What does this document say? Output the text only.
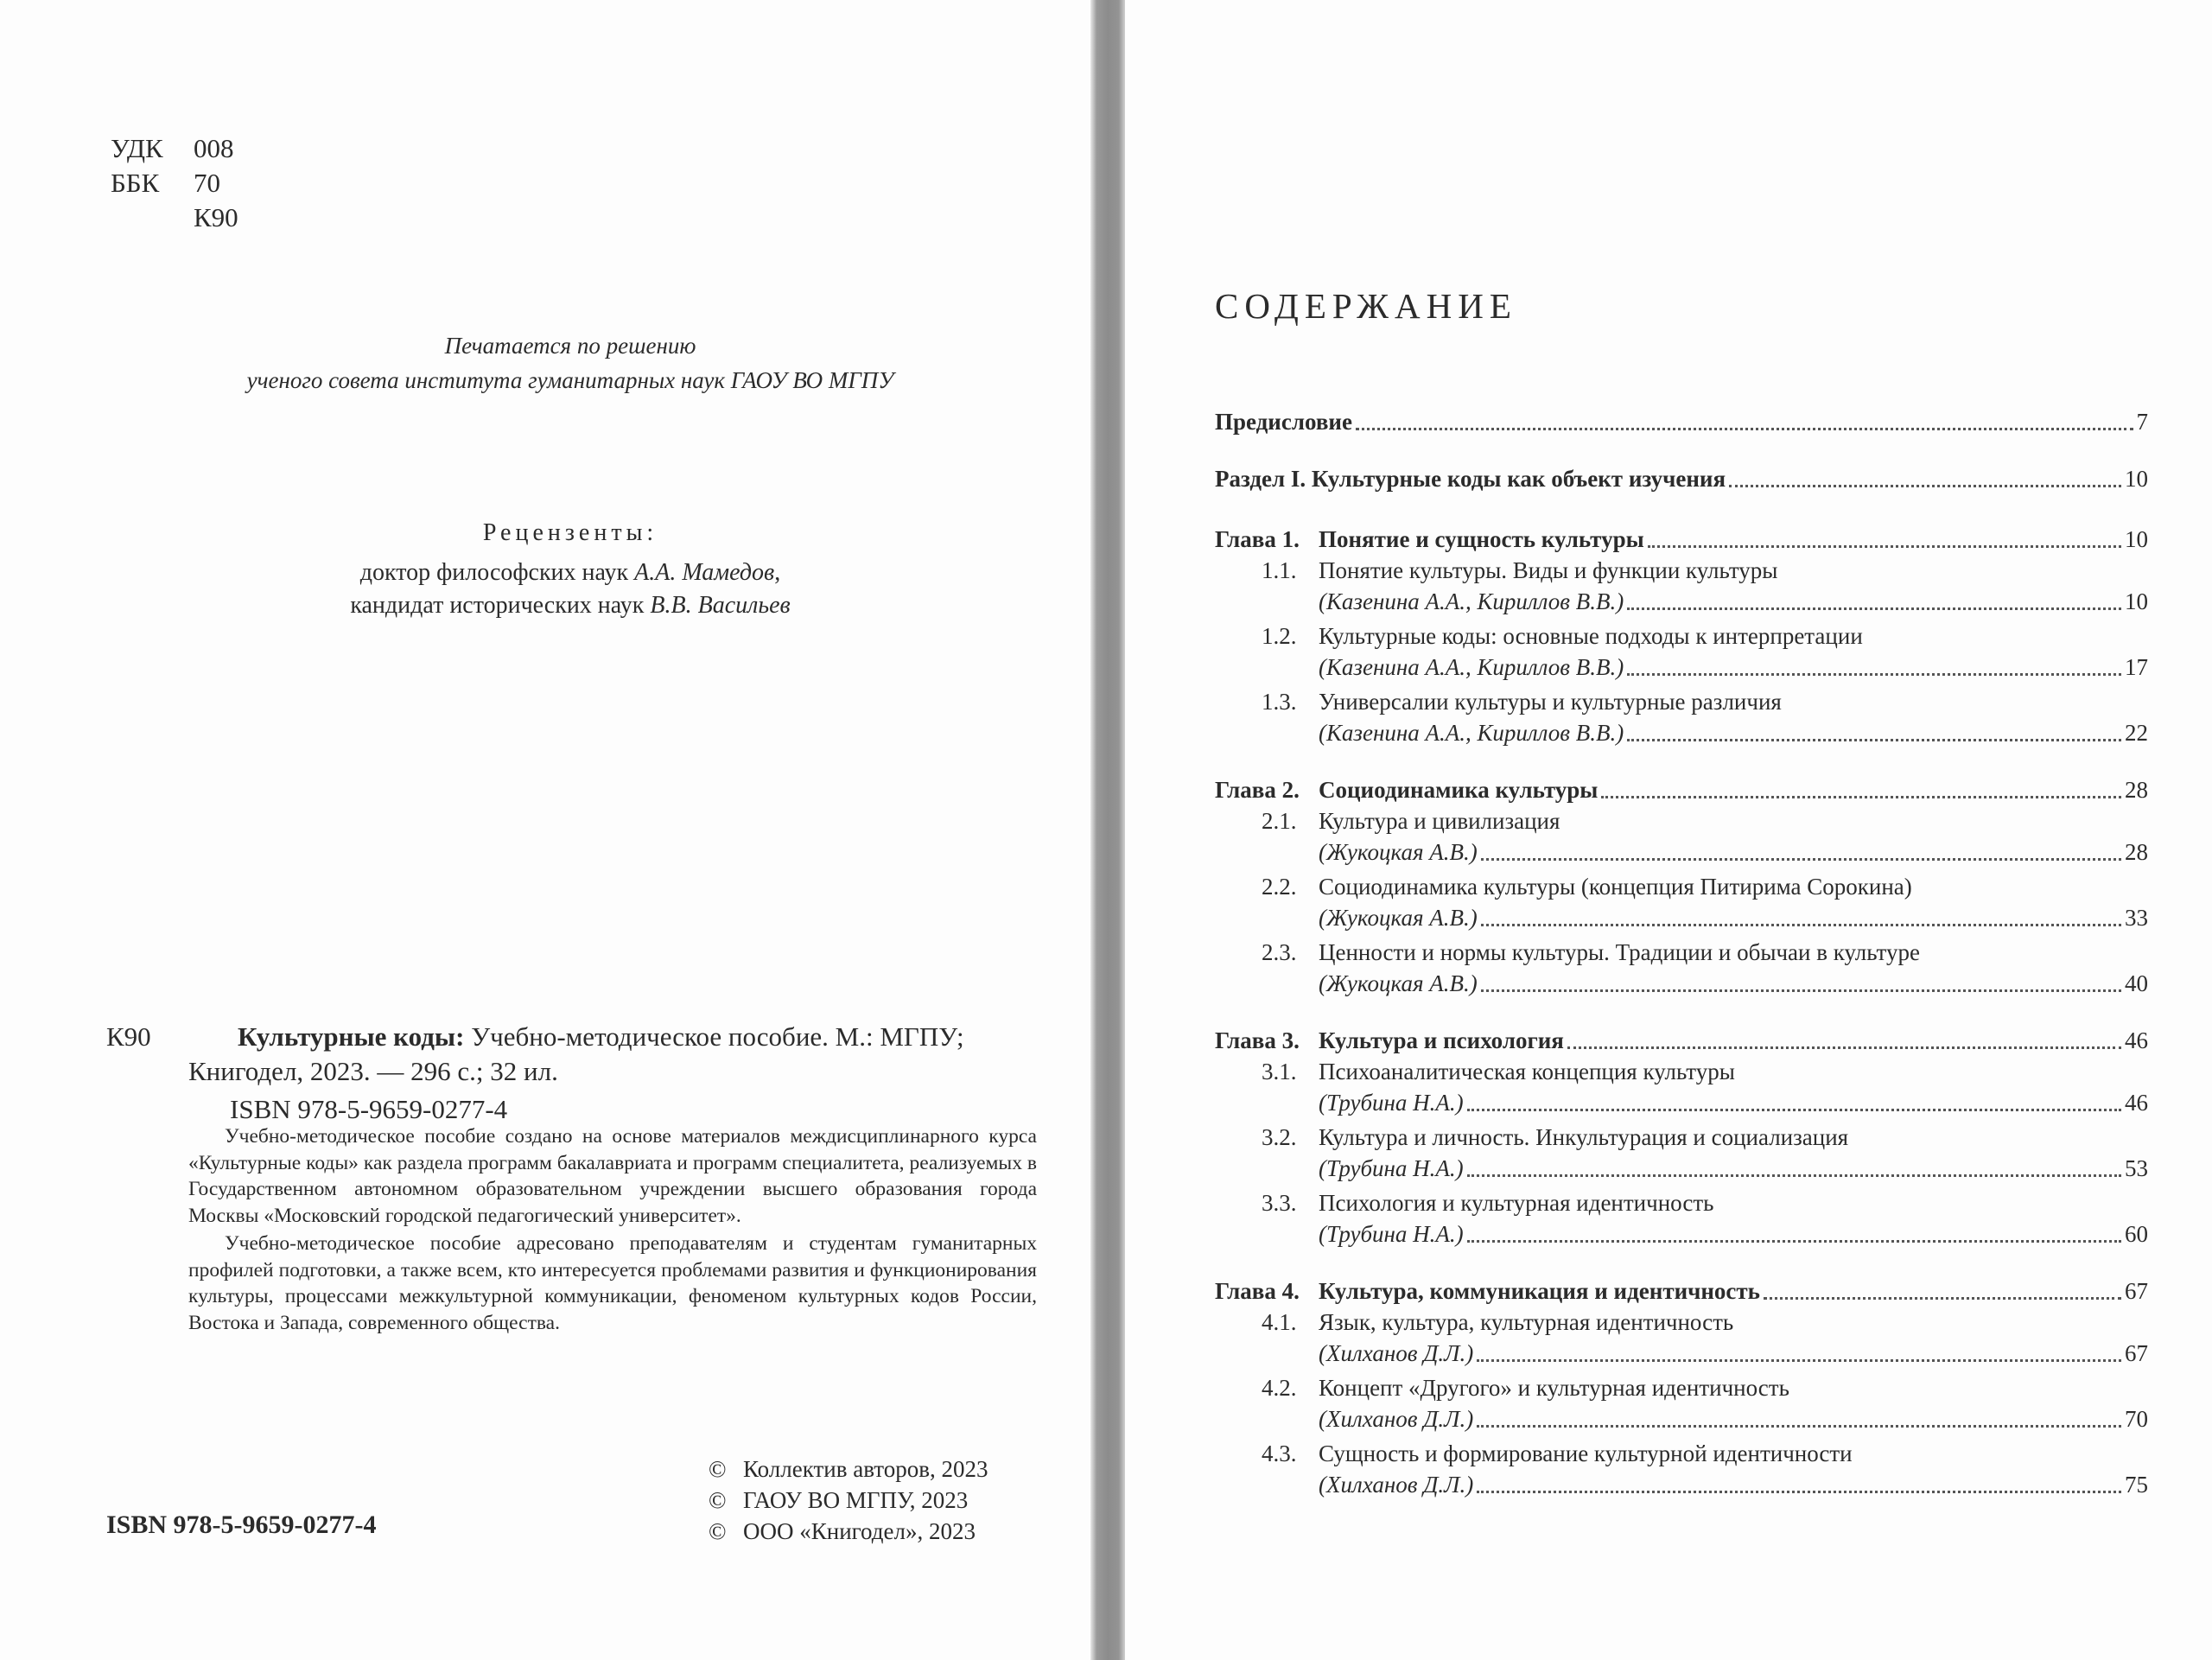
УДК	008
ББК	70
К90
Печатается по решению
ученого совета института гуманитарных наук ГАОУ ВО МГПУ
Рецензенты:
доктор философских наук А.А. Мамедов,
кандидат исторических наук В.В. Васильев
К90	Культурные коды: Учебно-методическое пособие. М.: МГПУ;
Книгодел, 2023. — 296 с.; 32 ил.
ISBN 978-5-9659-0277-4

Учебно-методическое пособие создано на основе материалов междисциплинарного курса «Культурные коды» как раздела программ бакалавриата и программ специалитета, реализуемых в Государственном автономном образовательном учреждении высшего образования города Москвы «Московский городской педагогический университет».

Учебно-методическое пособие адресовано преподавателям и студентам гуманитарных профилей подготовки, а также всем, кто интересуется проблемами развития и функционирования культуры, процессами межкультурной коммуникации, феноменом культурных кодов России, Востока и Запада, современного общества.

ISBN 978-5-9659-0277-4
© Коллектив авторов, 2023
© ГАОУ ВО МГПУ, 2023
© ООО «Книгодел», 2023
СОДЕРЖАНИЕ
Предисловие	7
Раздел I. Культурные коды как объект изучения	10
Глава 1. Понятие и сущность культуры	10
1.1. Понятие культуры. Виды и функции культуры
(Казенина А.А., Кириллов В.В.)	10
1.2. Культурные коды: основные подходы к интерпретации
(Казенина А.А., Кириллов В.В.)	17
1.3. Универсалии культуры и культурные различия
(Казенина А.А., Кириллов В.В.)	22
Глава 2. Социодинамика культуры	28
2.1. Культура и цивилизация
(Жукоцкая А.В.)	28
2.2. Социодинамика культуры (концепция Питирима Сорокина)
(Жукоцкая А.В.)	33
2.3. Ценности и нормы культуры. Традиции и обычаи в культуре
(Жукоцкая А.В.)	40
Глава 3. Культура и психология	46
3.1. Психоаналитическая концепция культуры
(Трубина Н.А.)	46
3.2. Культура и личность. Инкультурация и социализация
(Трубина Н.А.)	53
3.3. Психология и культурная идентичность
(Трубина Н.А.)	60
Глава 4. Культура, коммуникация и идентичность	67
4.1. Язык, культура, культурная идентичность
(Хилханов Д.Л.)	67
4.2. Концепт «Другого» и культурная идентичность
(Хилханов Д.Л.)	70
4.3. Сущность и формирование культурной идентичности
(Хилханов Д.Л.)	75
